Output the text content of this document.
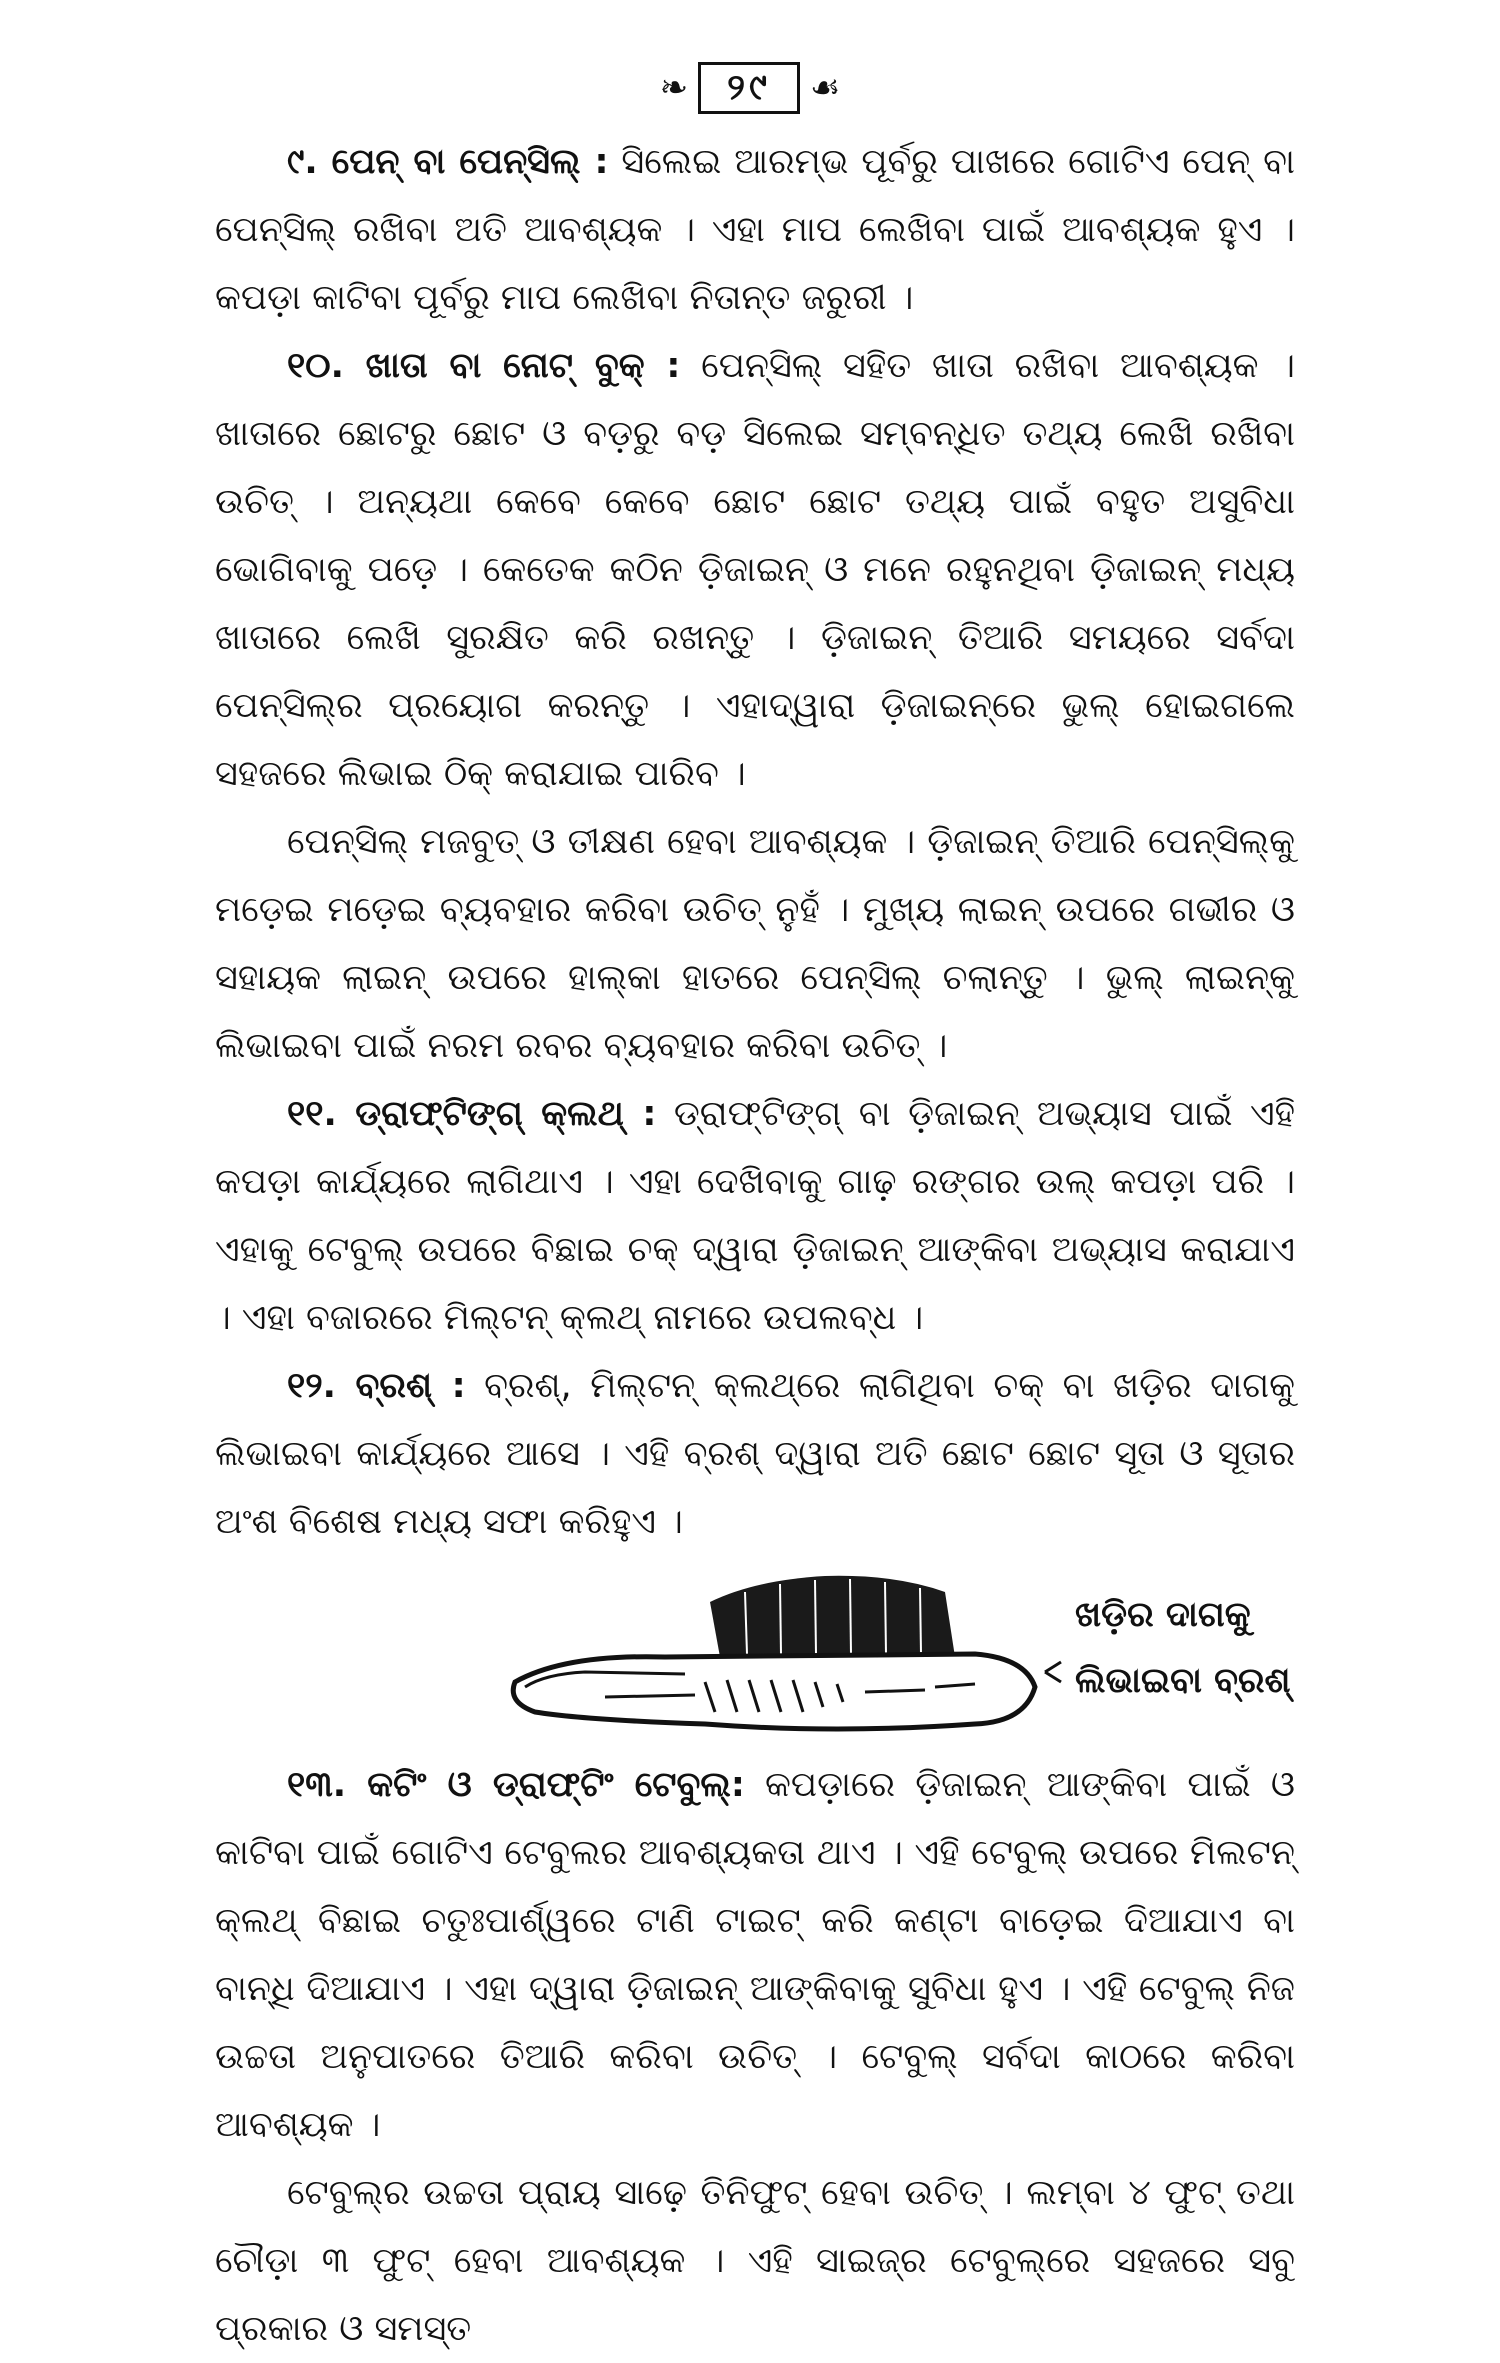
❧	୨୯	☙

୯. ପେନ୍ ବା ପେନ୍ସିଲ୍ : ସିଲେଇ ଆରମ୍ଭ ପୂର୍ବରୁ ପାଖରେ ଗୋଟିଏ ପେନ୍ ବା ପେନ୍ସିଲ୍ ରଖିବା ଅତି ଆବଶ୍ୟକ । ଏହା ମାପ ଲେଖିବା ପାଇଁ ଆବଶ୍ୟକ ହୁଏ । କପଡ଼ା କାଟିବା ପୂର୍ବରୁ ମାପ ଲେଖିବା ନିତାନ୍ତ ଜରୁରୀ ।

୧୦. ଖାତା ବା ନୋଟ୍ ବୁକ୍ : ପେନ୍ସିଲ୍ ସହିତ ଖାତା ରଖିବା ଆବଶ୍ୟକ । ଖାତାରେ ଛୋଟରୁ ଛୋଟ ଓ ବଡ଼ରୁ ବଡ଼ ସିଲେଇ ସମ୍ବନ୍ଧିତ ତଥ୍ୟ ଲେଖି ରଖିବା ଉଚିତ୍ । ଅନ୍ୟଥା କେବେ କେବେ ଛୋଟ ଛୋଟ ତଥ୍ୟ ପାଇଁ ବହୁତ ଅସୁବିଧା ଭୋଗିବାକୁ ପଡ଼େ । କେତେକ କଠିନ ଡ଼ିଜାଇନ୍ ଓ ମନେ ରହୁନଥିବା ଡ଼ିଜାଇନ୍ ମଧ୍ୟ ଖାତାରେ ଲେଖି ସୁରକ୍ଷିତ କରି ରଖନ୍ତୁ । ଡ଼ିଜାଇନ୍ ତିଆରି ସମୟରେ ସର୍ବଦା ପେନ୍ସିଲ୍‌ର ପ୍ରୟୋଗ କରନ୍ତୁ । ଏହାଦ୍ୱାରା ଡ଼ିଜାଇନ୍‌ରେ ଭୁଲ୍ ହୋଇଗଲେ ସହଜରେ ଲିଭାଇ ଠିକ୍ କରାଯାଇ ପାରିବ ।

ପେନ୍ସିଲ୍ ମଜବୁତ୍ ଓ ତୀକ୍ଷଣ ହେବା ଆବଶ୍ୟକ । ଡ଼ିଜାଇନ୍ ତିଆରି ପେନ୍ସିଲ୍‌କୁ ମଡ଼େଇ ମଡ଼େଇ ବ୍ୟବହାର କରିବା ଉଚିତ୍ ନୁହଁ । ମୁଖ୍ୟ ଲାଇନ୍ ଉପରେ ଗଭୀର ଓ ସହାୟକ ଲାଇନ୍ ଉପରେ ହାଲ୍‌କା ହାତରେ ପେନ୍ସିଲ୍ ଚଲାନ୍ତୁ । ଭୁଲ୍ ଲାଇନ୍‌କୁ ଲିଭାଇବା ପାଇଁ ନରମ ରବର ବ୍ୟବହାର କରିବା ଉଚିତ୍ ।

୧୧. ଡ୍ରାଫ୍‌ଟିଙ୍ଗ୍ କ୍ଲଥ୍ : ଡ୍ରାଫ୍‌ଟିଙ୍ଗ୍ ବା ଡ଼ିଜାଇନ୍ ଅଭ୍ୟାସ ପାଇଁ ଏହି କପଡ଼ା କାର୍ଯ୍ୟରେ ଲାଗିଥାଏ । ଏହା ଦେଖିବାକୁ ଗାଢ଼ ରଙ୍ଗର ଉଲ୍ କପଡ଼ା ପରି । ଏହାକୁ ଟେବୁଲ୍ ଉପରେ ବିଛାଇ ଚକ୍ ଦ୍ୱାରା ଡ଼ିଜାଇନ୍ ଆଙ୍କିବା ଅଭ୍ୟାସ କରାଯାଏ । ଏହା ବଜାରରେ ମିଲ୍‌ଟନ୍ କ୍ଲଥ୍ ନାମରେ ଉପଲବ୍ଧ ।

୧୨. ବ୍ରଶ୍ : ବ୍ରଶ୍, ମିଲ୍‌ଟନ୍ କ୍ଲଥ୍‌ରେ ଲାଗିଥିବା ଚକ୍ ବା ଖଡ଼ିର ଦାଗକୁ ଲିଭାଇବା କାର୍ଯ୍ୟରେ ଆସେ । ଏହି ବ୍ରଶ୍ ଦ୍ୱାରା ଅତି ଛୋଟ ଛୋଟ ସୂତା ଓ ସୂତାର ଅଂଶ ବିଶେଷ ମଧ୍ୟ ସଫା କରିହୁଏ ।

ଖଡ଼ିର ଦାଗକୁ
ଲିଭାଇବା ବ୍ରଶ୍

୧୩. କଟିଂ ଓ ଡ୍ରାଫ୍‌ଟିଂ ଟେବୁଲ୍: କପଡ଼ାରେ ଡ଼ିଜାଇନ୍ ଆଙ୍କିବା ପାଇଁ ଓ କାଟିବା ପାଇଁ ଗୋଟିଏ ଟେବୁଲର ଆବଶ୍ୟକତା ଥାଏ । ଏହି ଟେବୁଲ୍ ଉପରେ ମିଲଟନ୍ କ୍ଲଥ୍ ବିଛାଇ ଚତୁଃପାର୍ଶ୍ୱରେ ଟାଣି ଟାଇଟ୍ କରି କଣ୍ଟା ବାଡ଼େଇ ଦିଆଯାଏ ବା ବାନ୍ଧି ଦିଆଯାଏ । ଏହା ଦ୍ୱାରା ଡ଼ିଜାଇନ୍ ଆଙ୍କିବାକୁ ସୁବିଧା ହୁଏ । ଏହି ଟେବୁଲ୍ ନିଜ ଉଚ୍ଚତା ଅନୁପାତରେ ତିଆରି କରିବା ଉଚିତ୍ । ଟେବୁଲ୍ ସର୍ବଦା କାଠରେ କରିବା ଆବଶ୍ୟକ ।

ଟେବୁଲ୍‌ର ଉଚ୍ଚତା ପ୍ରାୟ ସାଢ଼େ ତିନିଫୁଟ୍ ହେବା ଉଚିତ୍ । ଲମ୍ବା ୪ ଫୁଟ୍ ତଥା ଚୌଡ଼ା ୩ ଫୁଟ୍ ହେବା ଆବଶ୍ୟକ । ଏହି ସାଇଜ୍‌ର ଟେବୁଲ୍‌ରେ ସହଜରେ ସବୁ ପ୍ରକାର ଓ ସମସ୍ତ
